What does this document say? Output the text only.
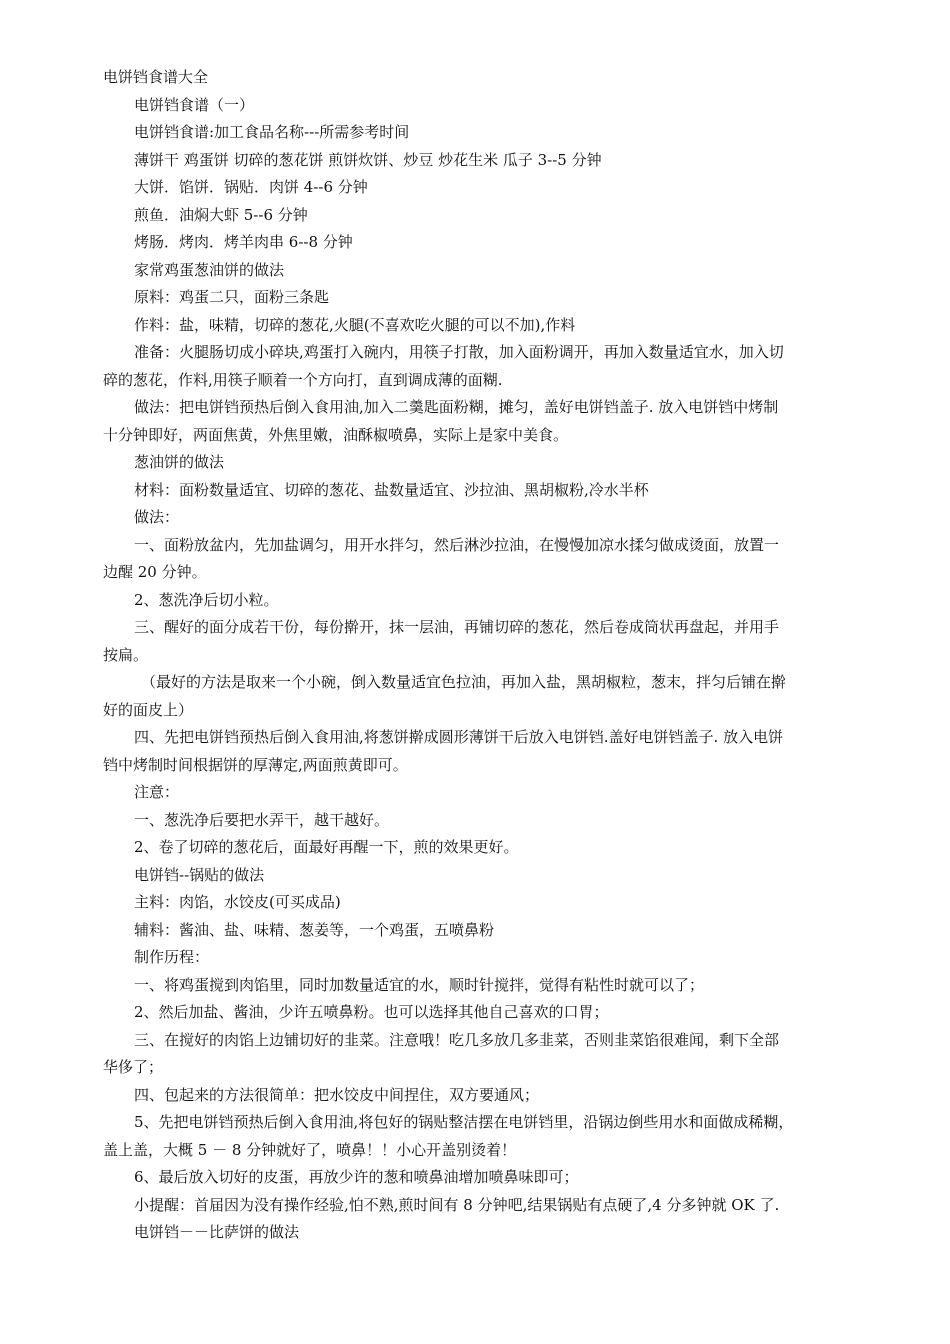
电饼铛食谱大全
电饼铛食谱（一）
电饼铛食谱:加工食品名称---所需参考时间
薄饼干 鸡蛋饼 切碎的葱花饼 煎饼炊饼、炒豆 炒花生米 瓜子 3--5 分钟
大饼．馅饼．锅贴．肉饼 4--6 分钟
煎鱼．油焖大虾 5--6 分钟
烤肠．烤肉．烤羊肉串 6--8 分钟
家常鸡蛋葱油饼的做法
原料：鸡蛋二只，面粉三条匙
作料：盐，味精，切碎的葱花,火腿(不喜欢吃火腿的可以不加),作料
准备：火腿肠切成小碎块,鸡蛋打入碗内，用筷子打散，加入面粉调开，再加入数量适宜水，加入切
碎的葱花，作料,用筷子顺着一个方向打，直到调成薄的面糊.
做法：把电饼铛预热后倒入食用油,加入二羹匙面粉糊，摊匀，盖好电饼铛盖子. 放入电饼铛中烤制
十分钟即好，两面焦黄，外焦里嫩，油酥椒喷鼻，实际上是家中美食。
葱油饼的做法
材料：面粉数量适宜、切碎的葱花、盐数量适宜、沙拉油、黑胡椒粉,冷水半杯
做法：
一、面粉放盆内，先加盐调匀，用开水拌匀，然后淋沙拉油，在慢慢加凉水揉匀做成烫面，放置一
边醒 20 分钟。
2、葱洗净后切小粒。
三、醒好的面分成若干份，每份擀开，抹一层油，再铺切碎的葱花，然后卷成筒状再盘起，并用手
按扁。
（最好的方法是取来一个小碗，倒入数量适宜色拉油，再加入盐，黑胡椒粒，葱末，拌匀后铺在擀
好的面皮上）
四、先把电饼铛预热后倒入食用油,将葱饼擀成圆形薄饼干后放入电饼铛.盖好电饼铛盖子. 放入电饼
铛中烤制时间根据饼的厚薄定,两面煎黄即可。
注意：
一、葱洗净后要把水弄干，越干越好。
2、卷了切碎的葱花后，面最好再醒一下，煎的效果更好。
电饼铛--锅贴的做法
主料：肉馅，水饺皮(可买成品)
辅料：酱油、盐、味精、葱姜等，一个鸡蛋，五喷鼻粉
制作历程：
一、将鸡蛋搅到肉馅里，同时加数量适宜的水，顺时针搅拌，觉得有粘性时就可以了；
2、然后加盐、酱油，少许五喷鼻粉。也可以选择其他自己喜欢的口胃；
三、在搅好的肉馅上边铺切好的韭菜。注意哦！吃几多放几多韭菜，否则韭菜馅很难闻，剩下全部
华侈了；
四、包起来的方法很简单：把水饺皮中间捏住，双方要通风；
5、先把电饼铛预热后倒入食用油,将包好的锅贴整洁摆在电饼铛里，沿锅边倒些用水和面做成稀糊，
盖上盖，大概 5 － 8 分钟就好了，喷鼻！！小心开盖别烫着！
6、最后放入切好的皮蛋，再放少许的葱和喷鼻油增加喷鼻味即可；
小提醒：首届因为没有操作经验,怕不熟,煎时间有 8 分钟吧,结果锅贴有点硬了,4 分多钟就 OK 了.
电饼铛－－比萨饼的做法
